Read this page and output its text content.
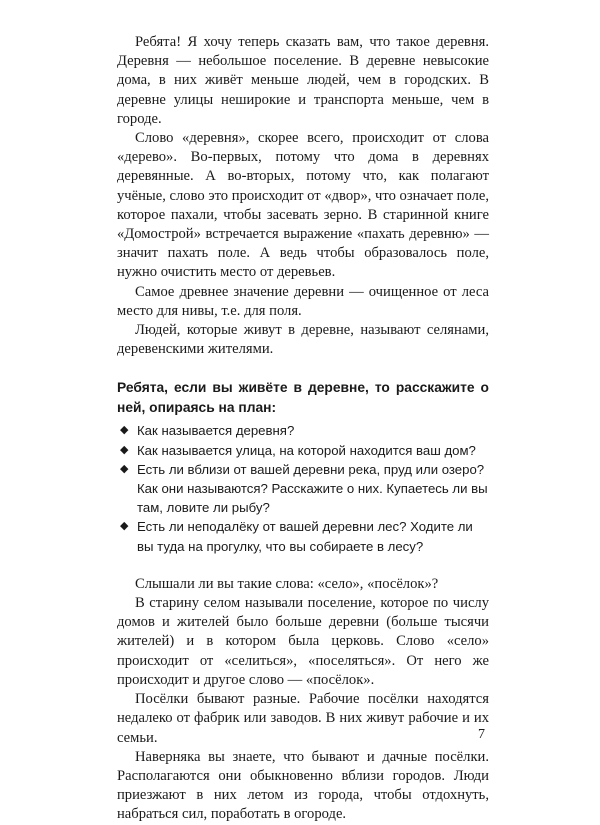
Ребята! Я хочу теперь сказать вам, что такое деревня. Деревня — небольшое поселение. В деревне невысокие дома, в них живёт меньше людей, чем в городских. В деревне улицы неширокие и транспорта меньше, чем в городе.

Слово «деревня», скорее всего, происходит от слова «дерево». Во-первых, потому что дома в деревнях деревянные. А во-вторых, потому что, как полагают учёные, слово это происходит от «двор», что означает поле, которое пахали, чтобы засевать зерно. В старинной книге «Домострой» встречается выражение «пахать деревню» — значит пахать поле. А ведь чтобы образовалось поле, нужно очистить место от деревьев.

Самое древнее значение деревни — очищенное от леса место для нивы, т.е. для поля.

Людей, которые живут в деревне, называют селянами, деревенскими жителями.

Ребята, если вы живёте в деревне, то расскажите о ней, опираясь на план:

◆ Как называется деревня?
◆ Как называется улица, на которой находится ваш дом?
◆ Есть ли вблизи от вашей деревни река, пруд или озеро? Как они называются? Расскажите о них. Купаетесь ли вы там, ловите ли рыбу?
◆ Есть ли неподалёку от вашей деревни лес? Ходите ли вы туда на прогулку, что вы собираете в лесу?

Слышали ли вы такие слова: «село», «посёлок»?

В старину селом называли поселение, которое по числу домов и жителей было больше деревни (больше тысячи жителей) и в котором была церковь. Слово «село» происходит от «селиться», «поселяться». От него же происходит и другое слово — «посёлок».

Посёлки бывают разные. Рабочие посёлки находятся недалеко от фабрик или заводов. В них живут рабочие и их семьи.

Наверняка вы знаете, что бывают и дачные посёлки. Располагаются они обыкновенно вблизи городов. Люди приезжают в них летом из города, чтобы отдохнуть, набраться сил, поработать в огороде.

7
